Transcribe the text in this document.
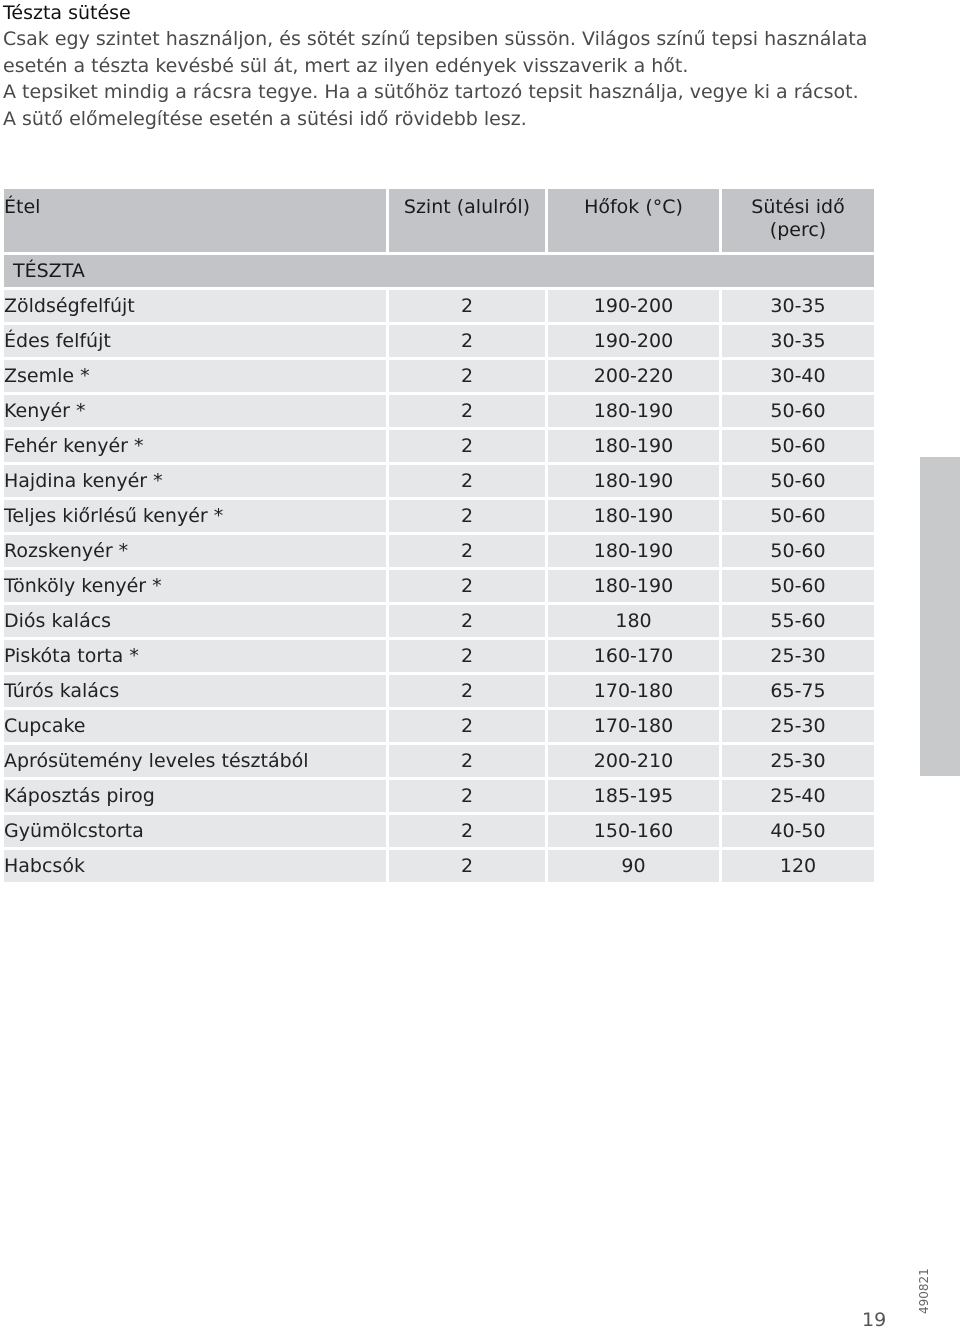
Tészta sütése
Csak egy szintet használjon, és sötét színű tepsiben süssön. Világos színű tepsi használata
esetén a tészta kevésbé sül át, mert az ilyen edények visszaverik a hőt.
A tepsiket mindig a rácsra tegye. Ha a sütőhöz tartozó tepsit használja, vegye ki a rácsot.
A sütő előmelegítése esetén a sütési idő rövidebb lesz.
Étel	Szint (alulról)	Hőfok (°C)	Sütési idő
(perc)
TÉSZTA			
Zöldségfelfújt	2	190-200	30-35
Édes felfújt	2	190-200	30-35
Zsemle *	2	200-220	30-40
Kenyér *	2	180-190	50-60
Fehér kenyér *	2	180-190	50-60
Hajdina kenyér *	2	180-190	50-60
Teljes kiőrlésű kenyér *	2	180-190	50-60
Rozskenyér *	2	180-190	50-60
Tönköly kenyér *	2	180-190	50-60
Diós kalács	2	180	55-60
Piskóta torta *	2	160-170	25-30
Túrós kalács	2	170-180	65-75
Cupcake	2	170-180	25-30
Aprósütemény leveles tésztából	2	200-210	25-30
Káposztás pirog	2	185-195	25-40
Gyümölcstorta	2	150-160	40-50
Habcsók	2	90	120
19
490821
